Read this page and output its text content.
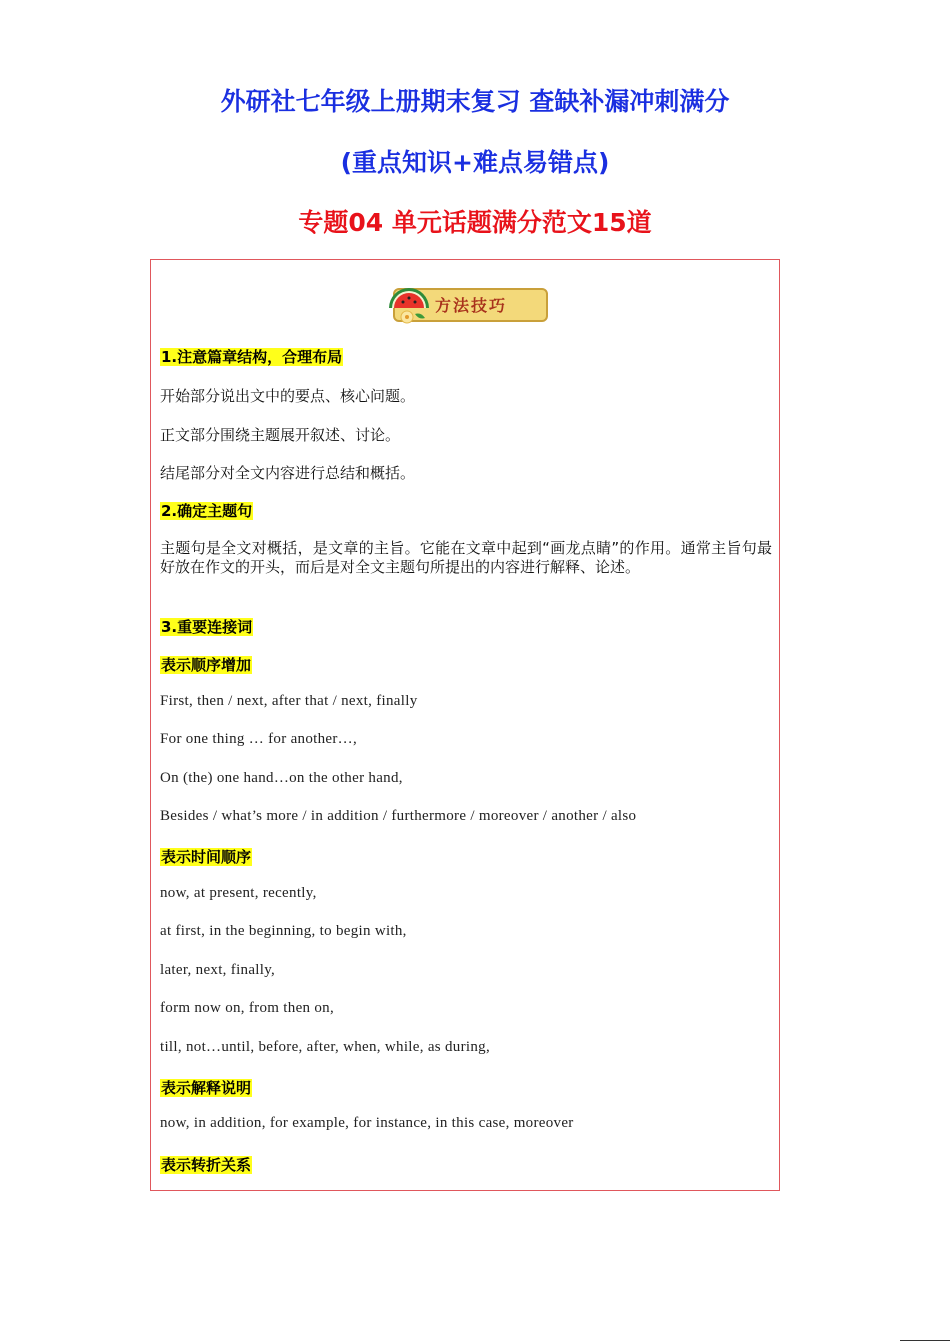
外研社七年级上册期末复习 查缺补漏冲刺满分
(重点知识+难点易错点)
专题04 单元话题满分范文15道
方法技巧
1.注意篇章结构，合理布局
开始部分说出文中的要点、核心问题。
正文部分围绕主题展开叙述、讨论。
结尾部分对全文内容进行总结和概括。
2.确定主题句
主题句是全文对概括，是文章的主旨。它能在文章中起到“画龙点睛”的作用。通常主旨句最好放在作文的开头，而后是对全文主题句所提出的内容进行解释、论述。
3.重要连接词
表示顺序增加
First, then / next, after that / next, finally
For one thing … for another…,
On (the) one hand…on the other hand,
Besides / what’s more / in addition / furthermore / moreover / another / also
表示时间顺序
now, at present, recently,
at first, in the beginning, to begin with,
later, next, finally,
form now on, from then on,
till, not…until, before, after, when, while, as during,
表示解释说明
now, in addition, for example, for instance, in this case, moreover
表示转折关系
